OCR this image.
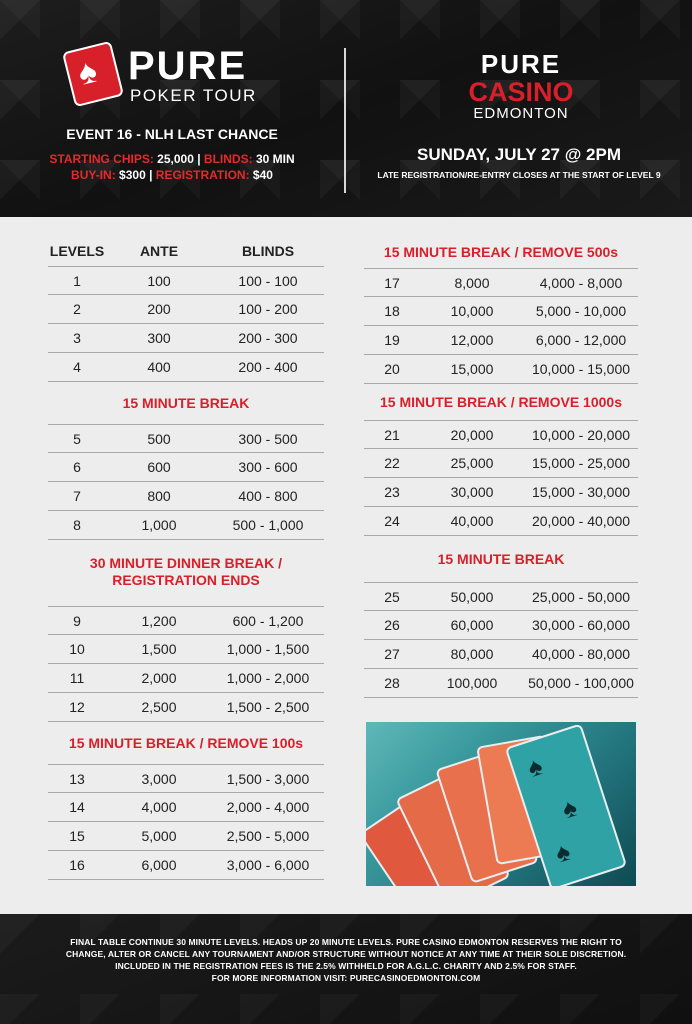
♠ PURE
POKER TOUR
EVENT 16 - NLH LAST CHANCE
STARTING CHIPS: 25,000 | BLINDS: 30 MIN
BUY-IN: $300 | REGISTRATION: $40
PURE
CASINO
EDMONTON
SUNDAY, JULY 27 @ 2PM
LATE REGISTRATION/RE-ENTRY CLOSES AT THE START OF LEVEL 9
LEVELS	ANTE	BLINDS
1	100	100 - 100
2	200	100 - 200
3	300	200 - 300
4	400	200 - 400
15 MINUTE BREAK
5	500	300 - 500
6	600	300 - 600
7	800	400 - 800
8	1,000	500 - 1,000
30 MINUTE DINNER BREAK /
REGISTRATION ENDS
9	1,200	600 - 1,200
10	1,500	1,000 - 1,500
11	2,000	1,000 - 2,000
12	2,500	1,500 - 2,500
15 MINUTE BREAK / REMOVE 100s
13	3,000	1,500 - 3,000
14	4,000	2,000 - 4,000
15	5,000	2,500 - 5,000
16	6,000	3,000 - 6,000
15 MINUTE BREAK / REMOVE 500s
17	8,000	4,000 - 8,000
18	10,000	5,000 - 10,000
19	12,000	6,000 - 12,000
20	15,000	10,000 - 15,000
15 MINUTE BREAK / REMOVE 1000s
21	20,000	10,000 - 20,000
22	25,000	15,000 - 25,000
23	30,000	15,000 - 30,000
24	40,000	20,000 - 40,000
15 MINUTE BREAK
25	50,000	25,000 - 50,000
26	60,000	30,000 - 60,000
27	80,000	40,000 - 80,000
28	100,000	50,000 - 100,000
♠
♠
♠

FINAL TABLE CONTINUE 30 MINUTE LEVELS. HEADS UP 20 MINUTE LEVELS. PURE CASINO EDMONTON RESERVES THE RIGHT TO

CHANGE, ALTER OR CANCEL ANY TOURNAMENT AND/OR STRUCTURE WITHOUT NOTICE AT ANY TIME AT THEIR SOLE DISCRETION.

INCLUDED IN THE REGISTRATION FEES IS THE 2.5% WITHHELD FOR A.G.L.C. CHARITY AND 2.5% FOR STAFF.

FOR MORE INFORMATION VISIT: PURECASINOEDMONTON.COM
